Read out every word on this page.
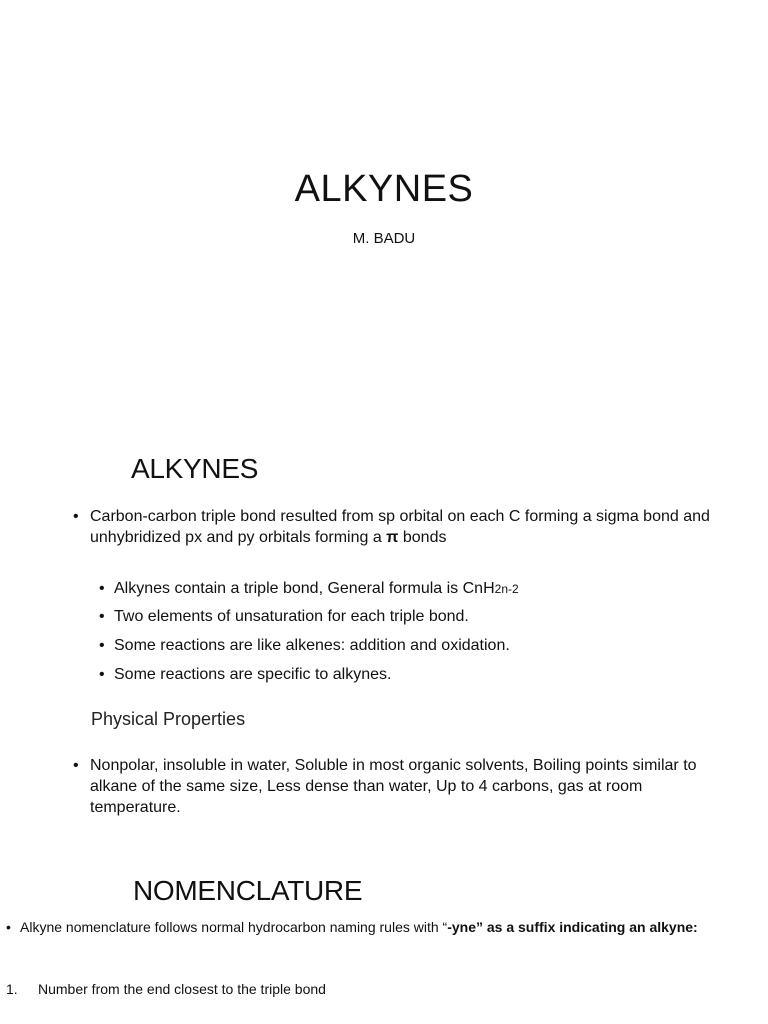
ALKYNES
M. BADU
ALKYNES
• Carbon-carbon triple bond resulted from sp orbital on each C forming a sigma bond and unhybridized px and py orbitals forming a π bonds
• Alkynes contain a triple bond, General formula is CnH2n-2
• Two elements of unsaturation for each triple bond.
• Some reactions are like alkenes: addition and oxidation.
• Some reactions are specific to alkynes.
Physical Properties
• Nonpolar, insoluble in water, Soluble in most organic solvents, Boiling points similar to alkane of the same size, Less dense than water, Up to 4 carbons, gas at room temperature.
NOMENCLATURE
• Alkyne nomenclature follows normal hydrocarbon naming rules with “-yne” as a suffix indicating an alkyne:
1. Number from the end closest to the triple bond
